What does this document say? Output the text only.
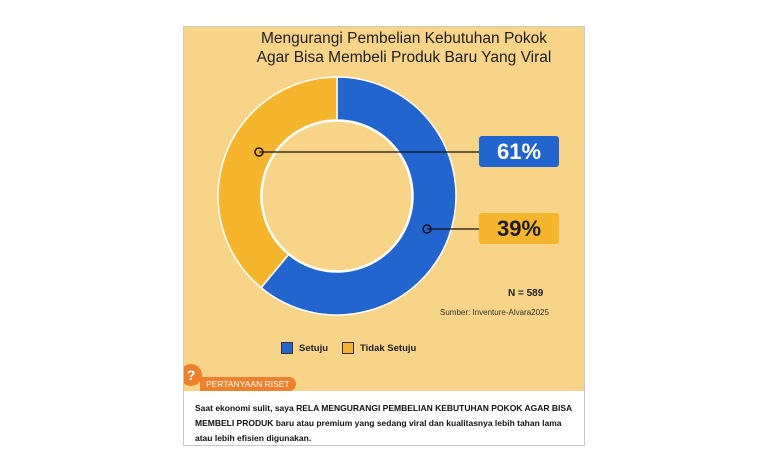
Mengurangi Pembelian Kebutuhan Pokok
Agar Bisa Membeli Produk Baru Yang Viral
61%
39%
N = 589
Sumber: Inventure-Alvara2025
Setuju	Tidak Setuju
PERTANYAAN RISET
?
Saat ekonomi sulit, saya RELA MENGURANGI PEMBELIAN KEBUTUHAN POKOK AGAR BISA MEMBELI PRODUK baru atau premium yang sedang viral dan kualitasnya lebih tahan lama atau lebih efisien digunakan.
